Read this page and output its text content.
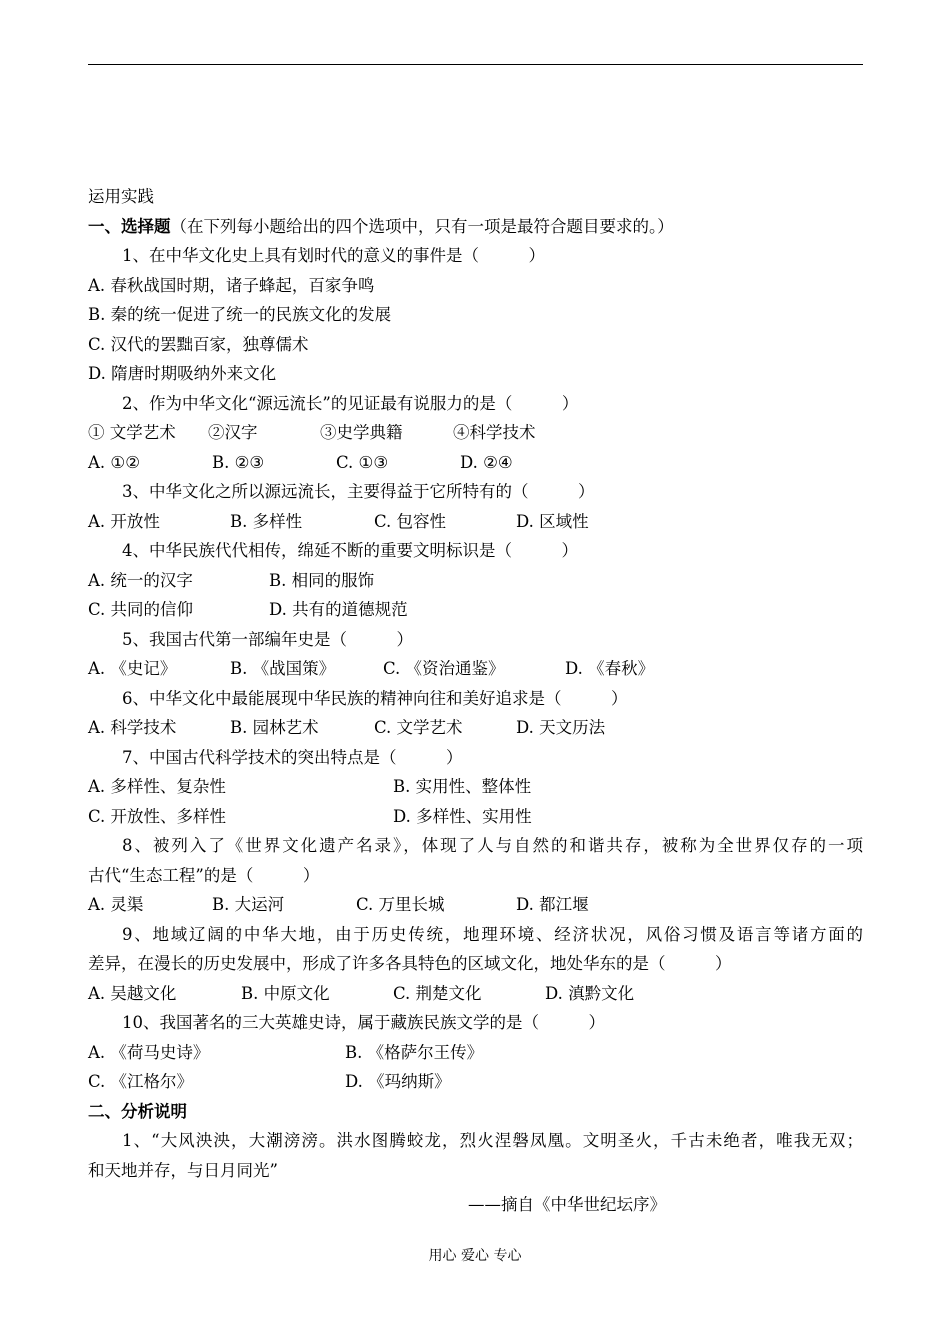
运用实践
一、选择题（在下列每小题给出的四个选项中，只有一项是最符合题目要求的。）
1、在中华文化史上具有划时代的意义的事件是（　　　）
A. 春秋战国时期，诸子蜂起，百家争鸣
B. 秦的统一促进了统一的民族文化的发展
C. 汉代的罢黜百家，独尊儒术
D. 隋唐时期吸纳外来文化
2、作为中华文化“源远流长”的见证最有说服力的是（　　　）
① 文学艺术	②汉字	③史学典籍	④科学技术
A. ①②	B. ②③	C. ①③	D. ②④
3、中华文化之所以源远流长，主要得益于它所特有的（　　　）
A. 开放性	B. 多样性	C. 包容性	D. 区域性
4、中华民族代代相传，绵延不断的重要文明标识是（　　　）
A. 统一的汉字	B. 相同的服饰
C. 共同的信仰	D. 共有的道德规范
5、我国古代第一部编年史是（　　　）
A. 《史记》	B. 《战国策》	C. 《资治通鉴》	D. 《春秋》
6、中华文化中最能展现中华民族的精神向往和美好追求是（　　　）
A. 科学技术	B. 园林艺术	C. 文学艺术	D. 天文历法
7、中国古代科学技术的突出特点是（　　　）
A. 多样性、复杂性	B. 实用性、整体性
C. 开放性、多样性	D. 多样性、实用性
8、被列入了《世界文化遗产名录》，体现了人与自然的和谐共存，被称为全世界仅存的一项
古代“生态工程”的是（　　　）
A. 灵渠	B. 大运河	C. 万里长城	D. 都江堰
9、地域辽阔的中华大地，由于历史传统，地理环境、经济状况，风俗习惯及语言等诸方面的
差异，在漫长的历史发展中，形成了许多各具特色的区域文化，地处华东的是（　　　）
A. 吴越文化	B. 中原文化	C. 荆楚文化	D. 滇黔文化
10、我国著名的三大英雄史诗，属于藏族民族文学的是（　　　）
A. 《荷马史诗》	B. 《格萨尔王传》
C. 《江格尔》	D. 《玛纳斯》
二、分析说明
1、“大风泱泱，大潮滂滂。洪水图腾蛟龙，烈火涅磐凤凰。文明圣火，千古未绝者，唯我无双；
和天地并存，与日月同光”
——摘自《中华世纪坛序》
用心 爱心 专心
